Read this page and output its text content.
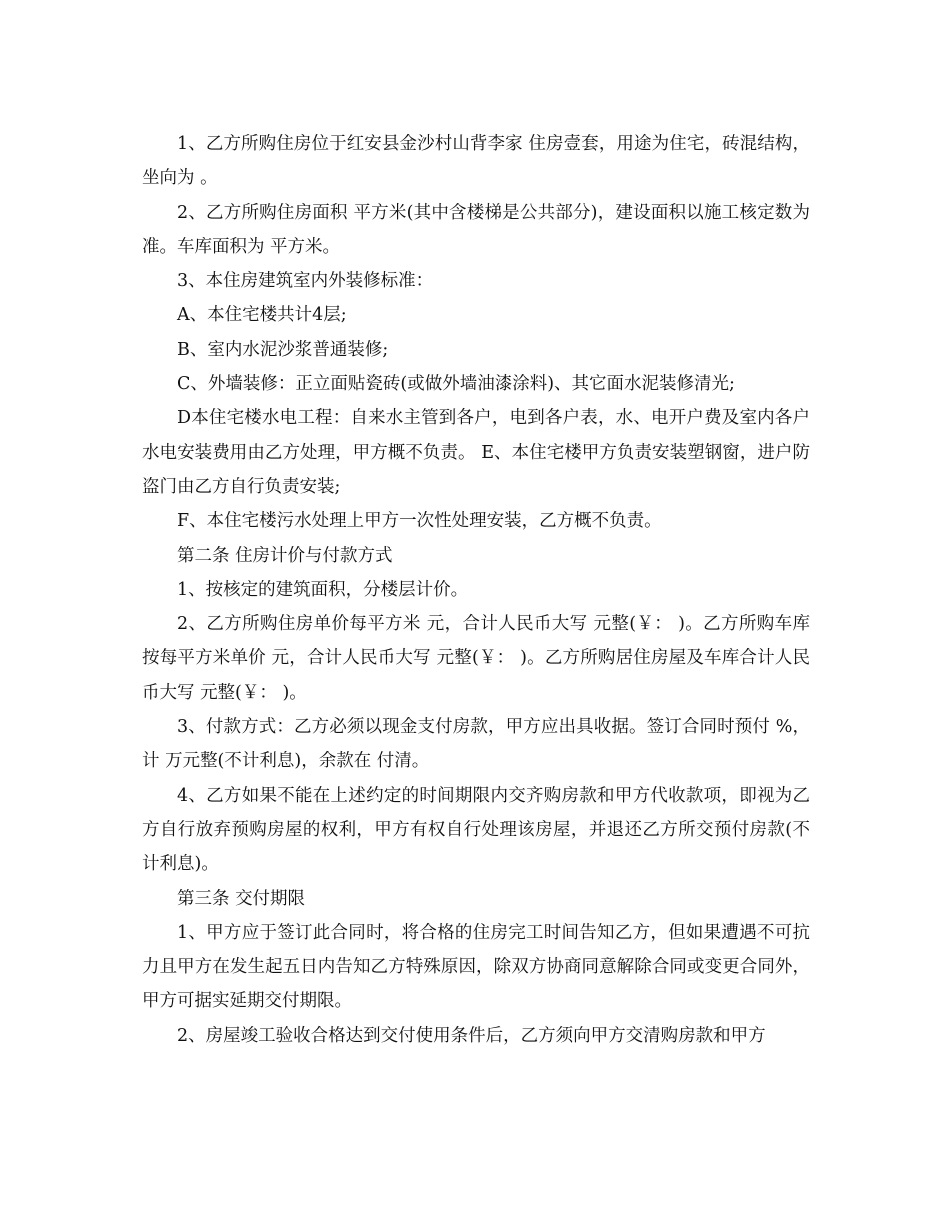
1、乙方所购住房位于红安县金沙村山背李家 住房壹套，用途为住宅，砖混结构，坐向为 。

2、乙方所购住房面积 平方米(其中含楼梯是公共部分)，建设面积以施工核定数为准。车库面积为 平方米。

3、本住房建筑室内外装修标准：

A、本住宅楼共计4层;

B、室内水泥沙浆普通装修;

C、外墙装修：正立面贴瓷砖(或做外墙油漆涂料)、其它面水泥装修清光;

D本住宅楼水电工程：自来水主管到各户，电到各户表，水、电开户费及室内各户水电安装费用由乙方处理，甲方概不负责。 E、本住宅楼甲方负责安装塑钢窗，进户防盗门由乙方自行负责安装;

F、本住宅楼污水处理上甲方一次性处理安装，乙方概不负责。

第二条 住房计价与付款方式

1、按核定的建筑面积，分楼层计价。

2、乙方所购住房单价每平方米 元，合计人民币大写 元整(￥： )。乙方所购车库按每平方米单价 元，合计人民币大写 元整(￥： )。乙方所购居住房屋及车库合计人民币大写 元整(￥： )。

3、付款方式：乙方必须以现金支付房款，甲方应出具收据。签订合同时预付 %，计 万元整(不计利息)，余款在 付清。

4、乙方如果不能在上述约定的时间期限内交齐购房款和甲方代收款项，即视为乙方自行放弃预购房屋的权利，甲方有权自行处理该房屋，并退还乙方所交预付房款(不计利息)。

第三条 交付期限

1、甲方应于签订此合同时，将合格的住房完工时间告知乙方，但如果遭遇不可抗力且甲方在发生起五日内告知乙方特殊原因，除双方协商同意解除合同或变更合同外，甲方可据实延期交付期限。

2、房屋竣工验收合格达到交付使用条件后，乙方须向甲方交清购房款和甲方
